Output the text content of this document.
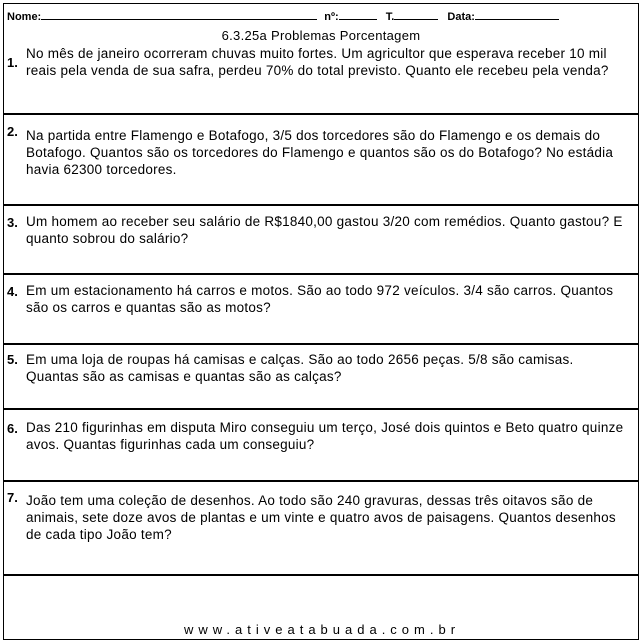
Nome:	nº:	T.	Data:
6.3.25a Problemas Porcentagem
1.
No mês de janeiro ocorreram chuvas muito fortes. Um agricultor que esperava receber 10 mil reais pela venda de sua safra, perdeu 70% do total previsto. Quanto ele recebeu pela venda?
2. Na partida entre Flamengo e Botafogo, 3/5 dos torcedores são do Flamengo e os demais do Botafogo. Quantos são os torcedores do Flamengo e quantos são os do Botafogo? No estádia havia 62300 torcedores.
3. Um homem ao receber seu salário de R$1840,00 gastou 3/20 com remédios. Quanto gastou? E quanto sobrou do salário?
4. Em um estacionamento há carros e motos. São ao todo 972 veículos. 3/4 são carros. Quantos são os carros e quantas são as motos?
5. Em uma loja de roupas há camisas e calças. São ao todo 2656 peças. 5/8 são camisas. Quantas são as camisas e quantas são as calças?
6. Das 210 figurinhas em disputa Miro conseguiu um terço, José dois quintos e Beto quatro quinze avos. Quantas figurinhas cada um conseguiu?
7. João tem uma coleção de desenhos. Ao todo são 240 gravuras, dessas três oitavos são de animais, sete doze avos de plantas e um vinte e quatro avos de paisagens. Quantos desenhos de cada tipo João tem?
www.ativeatabuada.com.br
